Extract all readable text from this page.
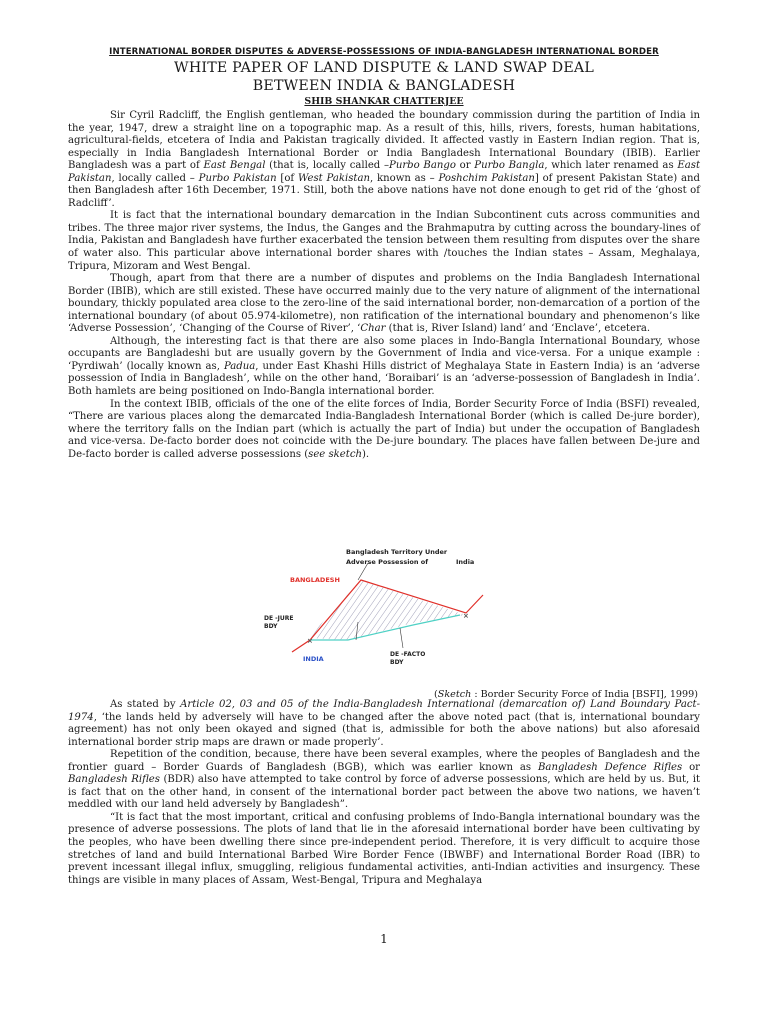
INTERNATIONAL BORDER DISPUTES & ADVERSE-POSSESSIONS OF INDIA-BANGLADESH INTERNATIONAL BORDER
WHITE PAPER OF LAND DISPUTE & LAND SWAP DEAL
BETWEEN INDIA & BANGLADESH
SHIB SHANKAR CHATTERJEE

Sir Cyril Radcliff, the English gentleman, who headed the boundary commission during the partition of India in the year, 1947, drew a straight line on a topographic map. As a result of this, hills, rivers, forests, human habitations, agricultural-fields, etcetera of India and Pakistan tragically divided. It affected vastly in Eastern Indian region. That is, especially in India Bangladesh International Border or India Bangladesh International Boundary (IBIB). Earlier Bangladesh was a part of East Bengal (that is, locally called –Purbo Bango or Purbo Bangla, which later renamed as East Pakistan, locally called – Purbo Pakistan [of West Pakistan, known as – Poshchim Pakistan] of present Pakistan State) and then Bangladesh after 16th December, 1971. Still, both the above nations have not done enough to get rid of the ‘ghost of Radcliff’.

It is fact that the international boundary demarcation in the Indian Subcontinent cuts across communities and tribes. The three major river systems, the Indus, the Ganges and the Brahmaputra by cutting across the boundary-lines of India, Pakistan and Bangladesh have further exacerbated the tension between them resulting from disputes over the share of water also. This particular above international border shares with /touches the Indian states – Assam, Meghalaya, Tripura, Mizoram and West Bengal.

Though, apart from that there are a number of disputes and problems on the India Bangladesh International Border (IBIB), which are still existed. These have occurred mainly due to the very nature of alignment of the international boundary, thickly populated area close to the zero-line of the said international border, non-demarcation of a portion of the international boundary (of about 05.974-kilometre), non ratification of the international boundary and phenomenon’s like ‘Adverse Possession’, ‘Changing of the Course of River’, ‘Char (that is, River Island) land’ and ‘Enclave’, etcetera.

Although, the interesting fact is that there are also some places in Indo-Bangla International Boundary, whose occupants are Bangladeshi but are usually govern by the Government of India and vice-versa. For a unique example : ‘Pyrdiwah’ (locally known as, Padua, under East Khashi Hills district of Meghalaya State in Eastern India) is an ‘adverse possession of India in Bangladesh’, while on the other hand, ‘Boraibari’ is an ‘adverse-possession of Bangladesh in India’. Both hamlets are being positioned on Indo-Bangla international border.

In the context IBIB, officials of the one of the elite forces of India, Border Security Force of India (BSFI) revealed, “There are various places along the demarcated India-Bangladesh International Border (which is called De-jure border), where the territory falls on the Indian part (which is actually the part of India) but under the occupation of Bangladesh and vice-versa. De-facto border does not coincide with the De-jure boundary. The places have fallen between De-jure and De-facto border is called adverse possessions (see sketch).

×
×
Bangladesh Territory Under
Adverse Possession of	India
BANGLADESH
DE -JURE
BDY
DE -FACTO
BDY
INDIA
(Sketch : Border Security Force of India [BSFI], 1999)

As stated by Article 02, 03 and 05 of the India-Bangladesh International (demarcation of) Land Boundary Pact-1974, ‘the lands held by adversely will have to be changed after the above noted pact (that is, international boundary agreement) has not only been okayed and signed (that is, admissible for both the above nations) but also aforesaid international border strip maps are drawn or made properly’.

Repetition of the condition, because, there have been several examples, where the peoples of Bangladesh and the frontier guard – Border Guards of Bangladesh (BGB), which was earlier known as Bangladesh Defence Rifles or Bangladesh Rifles (BDR) also have attempted to take control by force of adverse possessions, which are held by us. But, it is fact that on the other hand, in consent of the international border pact between the above two nations, we haven’t meddled with our land held adversely by Bangladesh”.

“It is fact that the most important, critical and confusing problems of Indo-Bangla international boundary was the presence of adverse possessions. The plots of land that lie in the aforesaid international border have been cultivating by the peoples, who have been dwelling there since pre-independent period. Therefore, it is very difficult to acquire those stretches of land and build International Barbed Wire Border Fence (IBWBF) and International Border Road (IBR) to prevent incessant illegal influx, smuggling, religious fundamental activities, anti-Indian activities and insurgency. These things are visible in many places of Assam, West-Bengal, Tripura and Meghalaya

1
